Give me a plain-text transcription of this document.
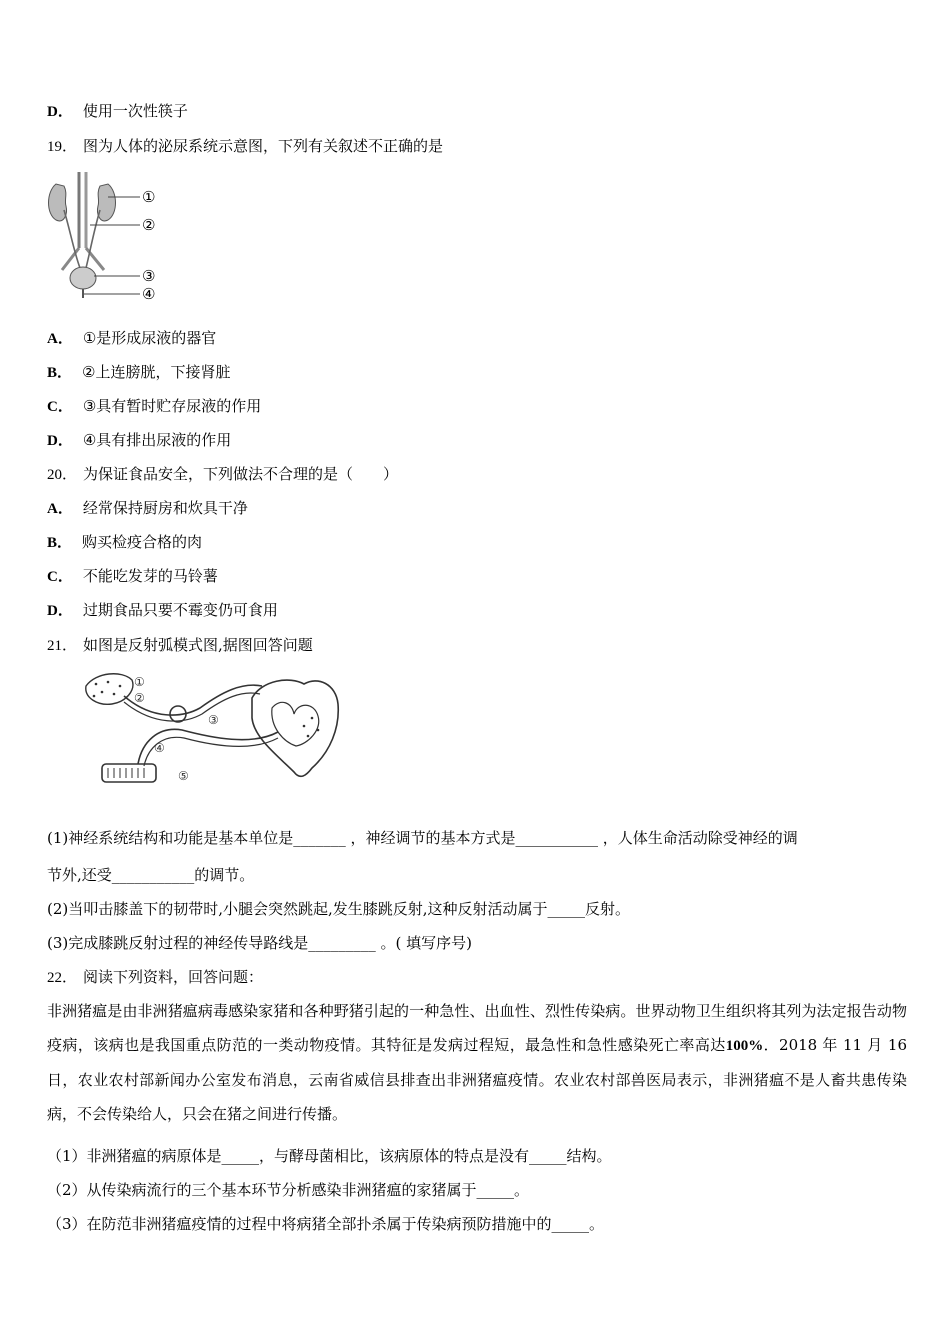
D． 使用一次性筷子
19． 图为人体的泌尿系统示意图，下列有关叙述不正确的是
①
②
③
④
A． ①是形成尿液的器官
B． ②上连膀胱，下接肾脏
C． ③具有暂时贮存尿液的作用
D． ④具有排出尿液的作用
20． 为保证食品安全，下列做法不合理的是（　　）
A． 经常保持厨房和炊具干净
B． 购买检疫合格的肉
C． 不能吃发芽的马铃薯
D． 过期食品只要不霉变仍可食用
21． 如图是反射弧模式图,据图回答问题
①
②
③
④
⑤
(1)神经系统结构和功能是基本单位是_______ ，神经调节的基本方式是___________ ，人体生命活动除受神经的调
节外,还受___________的调节。
(2)当叩击膝盖下的韧带时,小腿会突然跳起,发生膝跳反射,这种反射活动属于_____反射。
(3)完成膝跳反射过程的神经传导路线是_________ 。( 填写序号)
22． 阅读下列资料，回答问题：
非洲猪瘟是由非洲猪瘟病毒感染家猪和各种野猪引起的一种急性、出血性、烈性传染病。世界动物卫生组织将其列为法定报告动物疫病，该病也是我国重点防范的一类动物疫情。其特征是发病过程短，最急性和急性感染死亡率高达100%．2018 年 11 月 16 日，农业农村部新闻办公室发布消息，云南省威信县排查出非洲猪瘟疫情。农业农村部兽医局表示，非洲猪瘟不是人畜共患传染病，不会传染给人，只会在猪之间进行传播。
（1）非洲猪瘟的病原体是_____，与酵母菌相比，该病原体的特点是没有_____结构。
（2）从传染病流行的三个基本环节分析感染非洲猪瘟的家猪属于_____。
（3）在防范非洲猪瘟疫情的过程中将病猪全部扑杀属于传染病预防措施中的_____。
